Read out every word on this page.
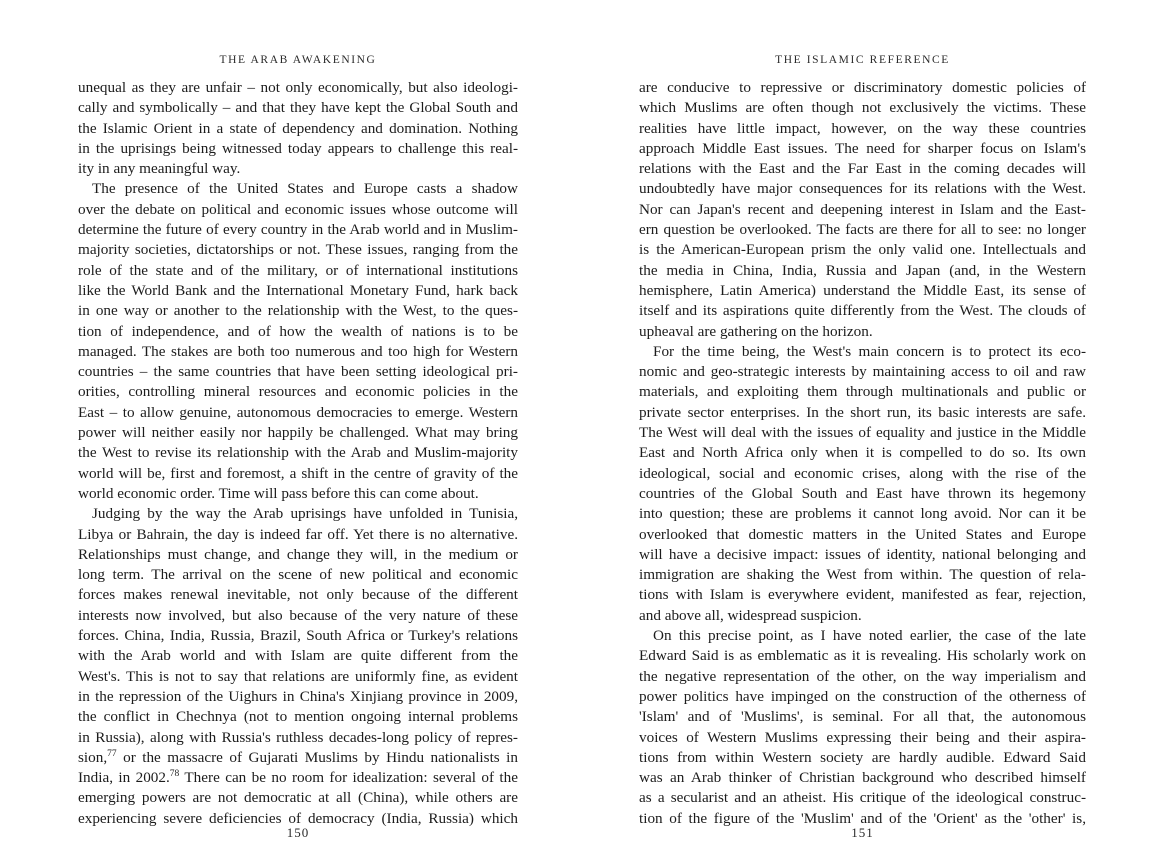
THE ARAB AWAKENING
unequal as they are unfair – not only economically, but also ideologi-
cally and symbolically – and that they have kept the Global South and
the Islamic Orient in a state of dependency and domination. Nothing
in the uprisings being witnessed today appears to challenge this real-
ity in any meaningful way.
The presence of the United States and Europe casts a shadow
over the debate on political and economic issues whose outcome will
determine the future of every country in the Arab world and in Muslim-
majority societies, dictatorships or not. These issues, ranging from the
role of the state and of the military, or of international institutions
like the World Bank and the International Monetary Fund, hark back
in one way or another to the relationship with the West, to the ques-
tion of independence, and of how the wealth of nations is to be
managed. The stakes are both too numerous and too high for Western
countries – the same countries that have been setting ideological pri-
orities, controlling mineral resources and economic policies in the
East – to allow genuine, autonomous democracies to emerge. Western
power will neither easily nor happily be challenged. What may bring
the West to revise its relationship with the Arab and Muslim-majority
world will be, first and foremost, a shift in the centre of gravity of the
world economic order. Time will pass before this can come about.
Judging by the way the Arab uprisings have unfolded in Tunisia,
Libya or Bahrain, the day is indeed far off. Yet there is no alternative.
Relationships must change, and change they will, in the medium or
long term. The arrival on the scene of new political and economic
forces makes renewal inevitable, not only because of the different
interests now involved, but also because of the very nature of these
forces. China, India, Russia, Brazil, South Africa or Turkey's relations
with the Arab world and with Islam are quite different from the
West's. This is not to say that relations are uniformly fine, as evident
in the repression of the Uighurs in China's Xinjiang province in 2009,
the conflict in Chechnya (not to mention ongoing internal problems
in Russia), along with Russia's ruthless decades-long policy of repres-
sion,$^{77}$ or the massacre of Gujarati Muslims by Hindu nationalists in
India, in 2002.78 There can be no room for idealization: several of the
emerging powers are not democratic at all (China), while others are
experiencing severe deficiencies of democracy (India, Russia) which
150
THE ISLAMIC REFERENCE
are conducive to repressive or discriminatory domestic policies of
which Muslims are often though not exclusively the victims. These
realities have little impact, however, on the way these countries
approach Middle East issues. The need for sharper focus on Islam's
relations with the East and the Far East in the coming decades will
undoubtedly have major consequences for its relations with the West.
Nor can Japan's recent and deepening interest in Islam and the East-
ern question be overlooked. The facts are there for all to see: no longer
is the American-European prism the only valid one. Intellectuals and
the media in China, India, Russia and Japan (and, in the Western
hemisphere, Latin America) understand the Middle East, its sense of
itself and its aspirations quite differently from the West. The clouds of
upheaval are gathering on the horizon.
For the time being, the West's main concern is to protect its eco-
nomic and geo-strategic interests by maintaining access to oil and raw
materials, and exploiting them through multinationals and public or
private sector enterprises. In the short run, its basic interests are safe.
The West will deal with the issues of equality and justice in the Middle
East and North Africa only when it is compelled to do so. Its own
ideological, social and economic crises, along with the rise of the
countries of the Global South and East have thrown its hegemony
into question; these are problems it cannot long avoid. Nor can it be
overlooked that domestic matters in the United States and Europe
will have a decisive impact: issues of identity, national belonging and
immigration are shaking the West from within. The question of rela-
tions with Islam is everywhere evident, manifested as fear, rejection,
and above all, widespread suspicion.
On this precise point, as I have noted earlier, the case of the late
Edward Said is as emblematic as it is revealing. His scholarly work on
the negative representation of the other, on the way imperialism and
power politics have impinged on the construction of the otherness of
'Islam' and of 'Muslims', is seminal. For all that, the autonomous
voices of Western Muslims expressing their being and their aspira-
tions from within Western society are hardly audible. Edward Said
was an Arab thinker of Christian background who described himself
as a secularist and an atheist. His critique of the ideological construc-
tion of the figure of the 'Muslim' and of the 'Orient' as the 'other' is,
151
